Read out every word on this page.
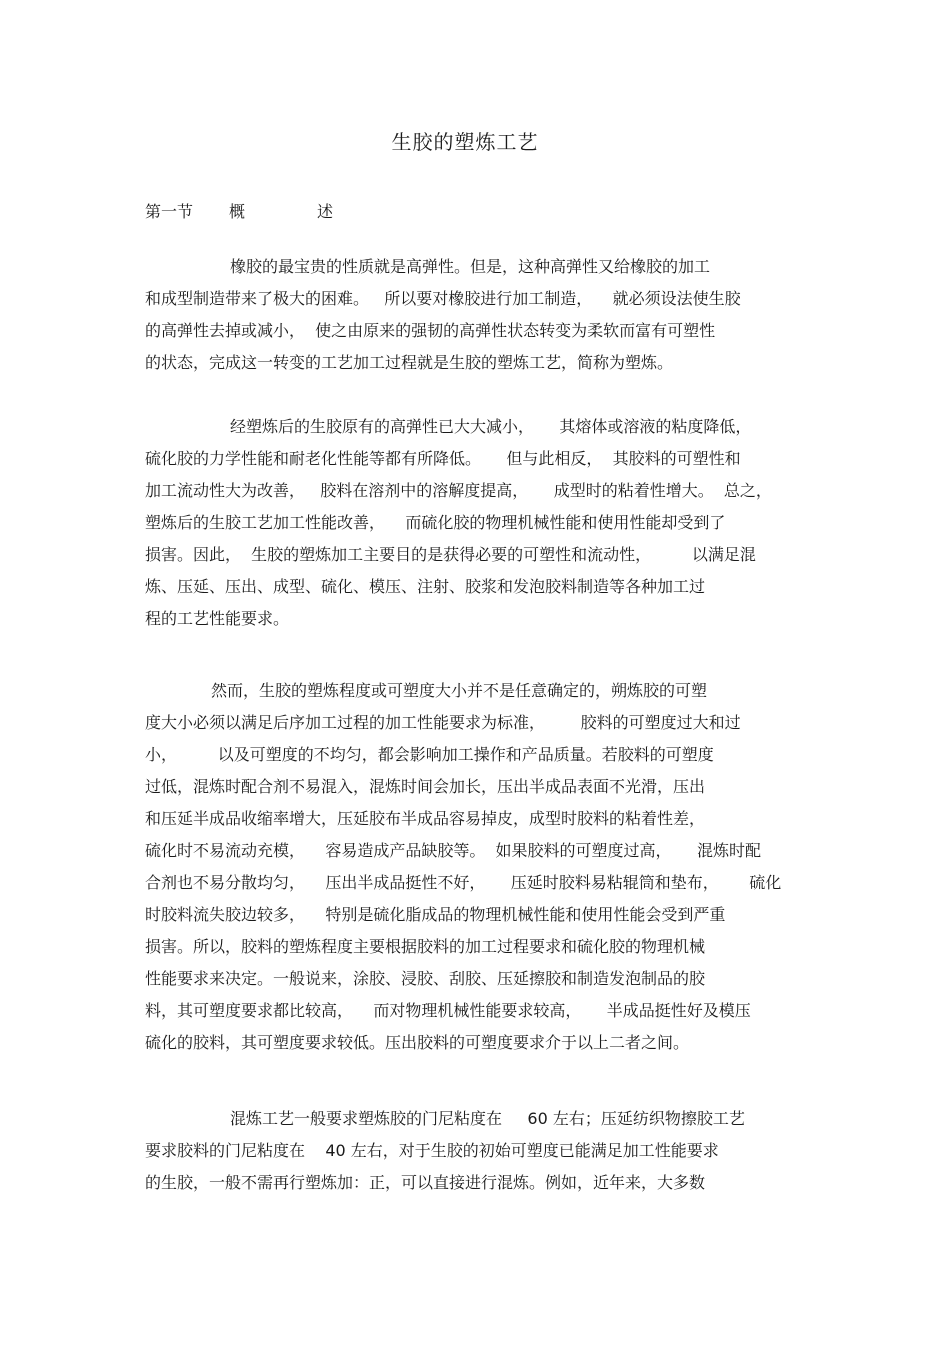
生胶的塑炼工艺
第一节 概	述
橡胶的最宝贵的性质就是高弹性。但是，这种高弹性又给橡胶的加工
和成型制造带来了极大的困难。   所以要对橡胶进行加工制造，    就必须设法使生胶
的高弹性去掉或减小，  使之由原来的强韧的高弹性状态转变为柔软而富有可塑性
的状态，完成这一转变的工艺加工过程就是生胶的塑炼工艺，简称为塑炼。
经塑炼后的生胶原有的高弹性已大大减小，     其熔体或溶液的粘度降低，
硫化胶的力学性能和耐老化性能等都有所降低。     但与此相反，  其胶料的可塑性和
加工流动性大为改善，   胶料在溶剂中的溶解度提高，     成型时的粘着性增大。  总之，
塑炼后的生胶工艺加工性能改善，    而硫化胶的物理机械性能和使用性能却受到了
损害。因此，  生胶的塑炼加工主要目的是获得必要的可塑性和流动性，        以满足混
炼、压延、压出、成型、硫化、模压、注射、胶浆和发泡胶料制造等各种加工过
程的工艺性能要求。
然而，生胶的塑炼程度或可塑度大小并不是任意确定的，朔炼胶的可塑
度大小必须以满足后序加工过程的加工性能要求为标准，       胶料的可塑度过大和过
小，        以及可塑度的不均匀，都会影响加工操作和产品质量。若胶料的可塑度
过低，混炼时配合剂不易混入，混炼时间会加长，压出半成品表面不光滑，压出
和压延半成品收缩率增大，压延胶布半成品容易掉皮，成型时胶料的粘着性差，
硫化时不易流动充模，    容易造成产品缺胶等。  如果胶料的可塑度过高，     混炼时配
合剂也不易分散均匀，    压出半成品挺性不好，     压延时胶料易粘辊筒和垫布，      硫化
时胶料流失胶边较多，    特别是硫化脂成品的物理机械性能和使用性能会受到严重
损害。所以，胶料的塑炼程度主要根据胶料的加工过程要求和硫化胶的物理机械
性能要求来决定。一般说来，涂胶、浸胶、刮胶、压延擦胶和制造发泡制品的胶
料，其可塑度要求都比较高，    而对物理机械性能要求较高，     半成品挺性好及模压
硫化的胶料，其可塑度要求较低。压出胶料的可塑度要求介于以上二者之间。
混炼工艺一般要求塑炼胶的门尼粘度在     60 左右；压延纺织物擦胶工艺
要求胶料的门尼粘度在    40 左右，对于生胶的初始可塑度已能满足加工性能要求
的生胶，一般不需再行塑炼加：正，可以直接进行混炼。例如，近年来，大多数
